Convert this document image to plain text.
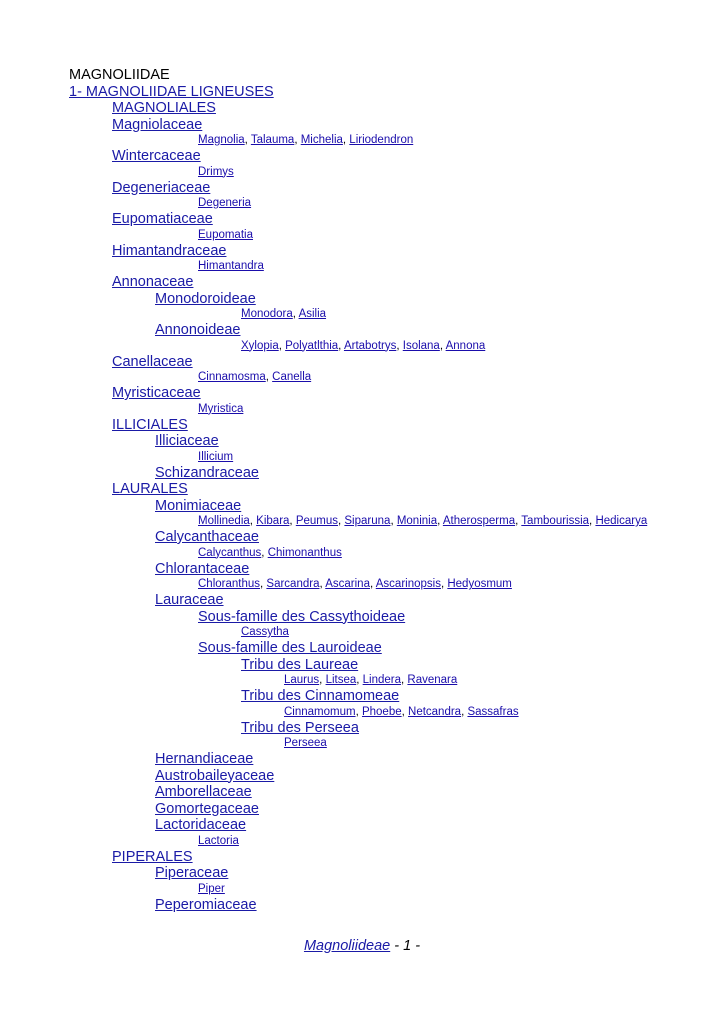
MAGNOLIIDAE
1- MAGNOLIIDAE LIGNEUSES
MAGNOLIALES
Magniolaceae
Magnolia, Talauma, Michelia, Liriodendron
Wintercaceae
Drimys
Degeneriaceae
Degeneria
Eupomatiaceae
Eupomatia
Himantandraceae
Himantandra
Annonaceae
Monodoroideae
Monodora, Asilia
Annonoideae
Xylopia, Polyatlthia, Artabotrys, Isolana, Annona
Canellaceae
Cinnamosma, Canella
Myristicaceae
Myristica
ILLICIALES
Illiciaceae
Illicium
Schizandraceae
LAURALES
Monimiaceae
Mollinedia, Kibara, Peumus, Siparuna, Moninia, Atherosperma, Tambourissia, Hedicarya
Calycanthaceae
Calycanthus, Chimonanthus
Chlorantaceae
Chloranthus, Sarcandra, Ascarina, Ascarinopsis, Hedyosmum
Lauraceae
Sous-famille des Cassythoideae
Cassytha
Sous-famille des Lauroideae
Tribu des Laureae
Laurus, Litsea, Lindera, Ravenara
Tribu des Cinnamomeae
Cinnamomum, Phoebe, Netcandra, Sassafras
Tribu des Perseea
Perseea
Hernandiaceae
Austrobaileyaceae
Amborellaceae
Gomortegaceae
Lactoridaceae
Lactoria
PIPERALES
Piperaceae
Piper
Peperomiaceae
Magnoliideae - 1 -
